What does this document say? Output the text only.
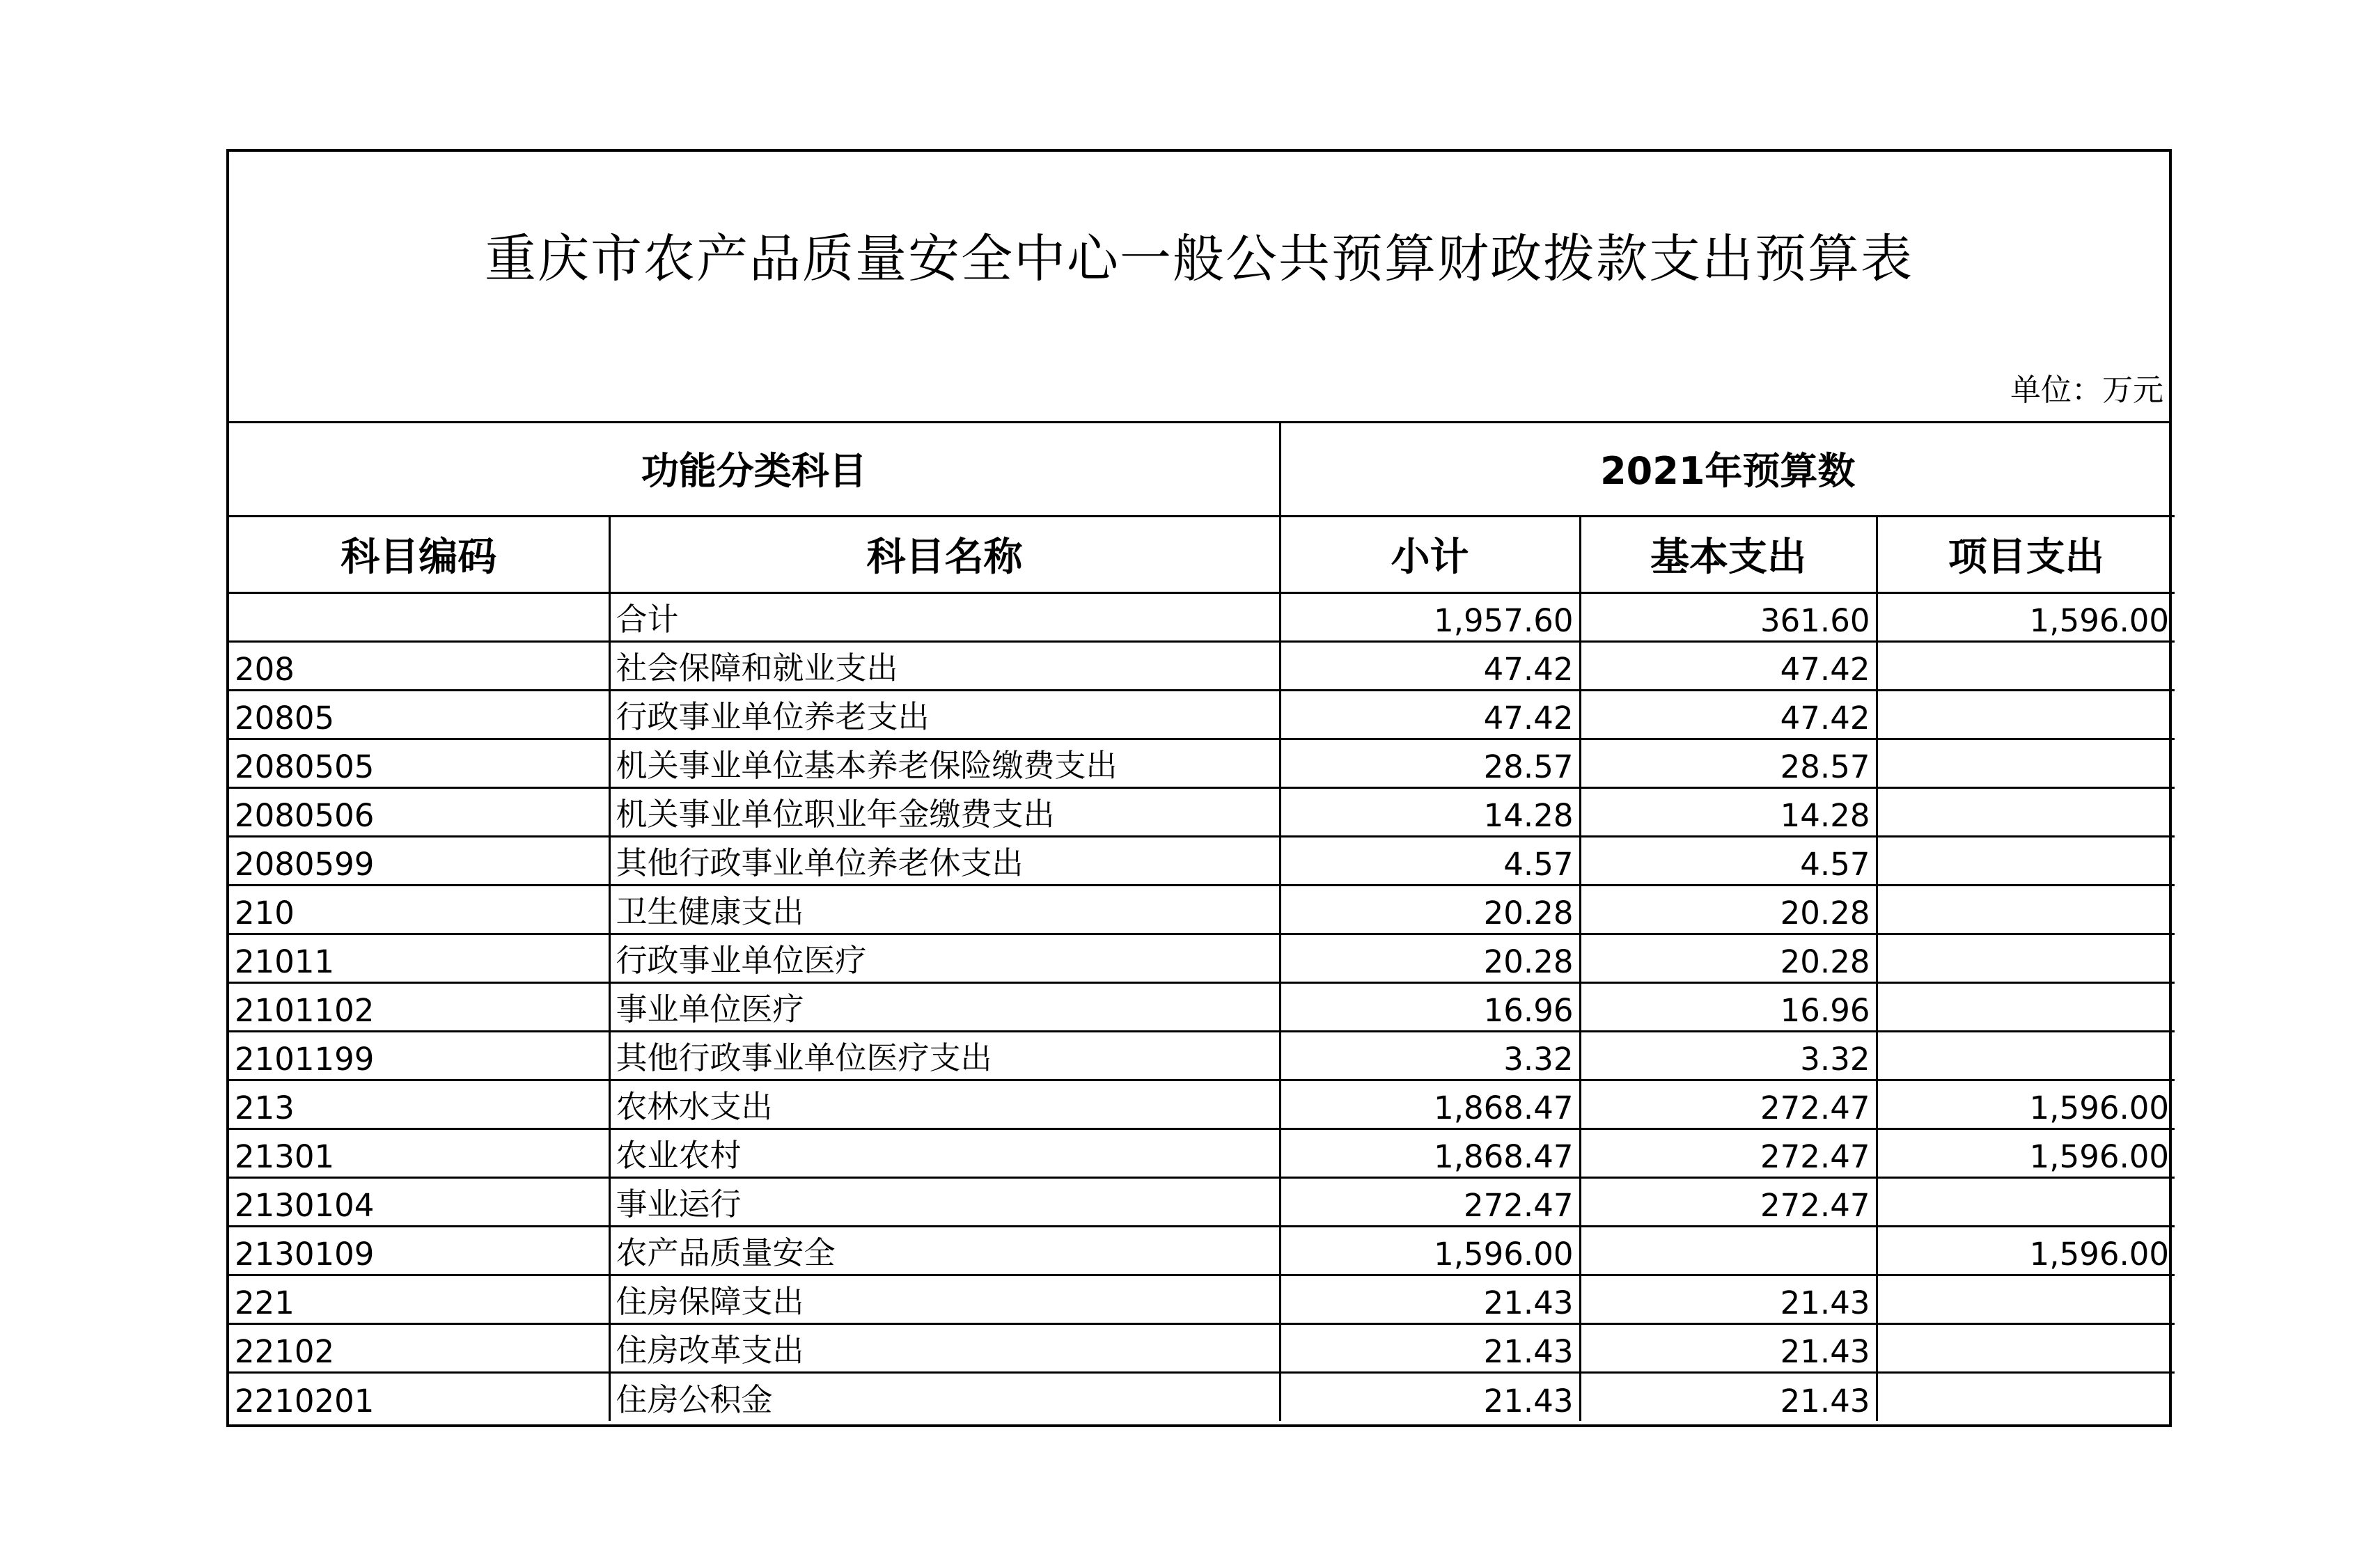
重庆市农产品质量安全中心一般公共预算财政拨款支出预算表
单位：万元
功能分类科目		2021年预算数		
科目编码	科目名称	小计	基本支出	项目支出
	合计	1,957.60	361.60	1,596.00
208	社会保障和就业支出	47.42	47.42	
20805	行政事业单位养老支出	47.42	47.42	
2080505	机关事业单位基本养老保险缴费支出	28.57	28.57	
2080506	机关事业单位职业年金缴费支出	14.28	14.28	
2080599	其他行政事业单位养老休支出	4.57	4.57	
210	卫生健康支出	20.28	20.28	
21011	行政事业单位医疗	20.28	20.28	
2101102	事业单位医疗	16.96	16.96	
2101199	其他行政事业单位医疗支出	3.32	3.32	
213	农林水支出	1,868.47	272.47	1,596.00
21301	农业农村	1,868.47	272.47	1,596.00
2130104	事业运行	272.47	272.47	
2130109	农产品质量安全	1,596.00		1,596.00
221	住房保障支出	21.43	21.43	
22102	住房改革支出	21.43	21.43	
2210201	住房公积金	21.43	21.43	
